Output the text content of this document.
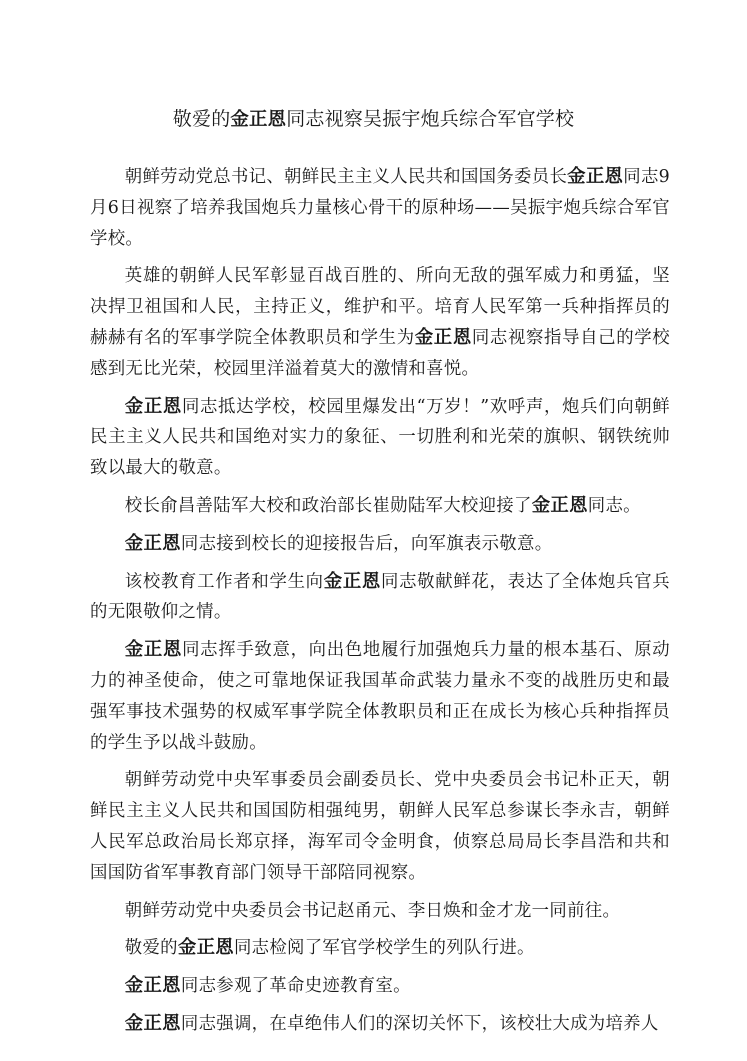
敬爱的金正恩同志视察吴振宇炮兵综合军官学校

朝鲜劳动党总书记、朝鲜民主主义人民共和国国务委员长金正恩同志9月6日视察了培养我国炮兵力量核心骨干的原种场——吴振宇炮兵综合军官学校。

英雄的朝鲜人民军彰显百战百胜的、所向无敌的强军威力和勇猛，坚决捍卫祖国和人民，主持正义，维护和平。培育人民军第一兵种指挥员的赫赫有名的军事学院全体教职员和学生为金正恩同志视察指导自己的学校感到无比光荣，校园里洋溢着莫大的激情和喜悦。

金正恩同志抵达学校，校园里爆发出“万岁！”欢呼声，炮兵们向朝鲜民主主义人民共和国绝对实力的象征、一切胜利和光荣的旗帜、钢铁统帅致以最大的敬意。

校长俞昌善陆军大校和政治部长崔勋陆军大校迎接了金正恩同志。

金正恩同志接到校长的迎接报告后，向军旗表示敬意。

该校教育工作者和学生向金正恩同志敬献鲜花，表达了全体炮兵官兵的无限敬仰之情。

金正恩同志挥手致意，向出色地履行加强炮兵力量的根本基石、原动力的神圣使命，使之可靠地保证我国革命武装力量永不变的战胜历史和最强军事技术强势的权威军事学院全体教职员和正在成长为核心兵种指挥员的学生予以战斗鼓励。

朝鲜劳动党中央军事委员会副委员长、党中央委员会书记朴正天，朝鲜民主主义人民共和国国防相强纯男，朝鲜人民军总参谋长李永吉，朝鲜人民军总政治局长郑京择，海军司令金明食，侦察总局局长李昌浩和共和国国防省军事教育部门领导干部陪同视察。

朝鲜劳动党中央委员会书记赵甬元、李日焕和金才龙一同前往。

敬爱的金正恩同志检阅了军官学校学生的列队行进。

金正恩同志参观了革命史迹教育室。

金正恩同志强调，在卓绝伟人们的深切关怀下，该校壮大成为培养人
